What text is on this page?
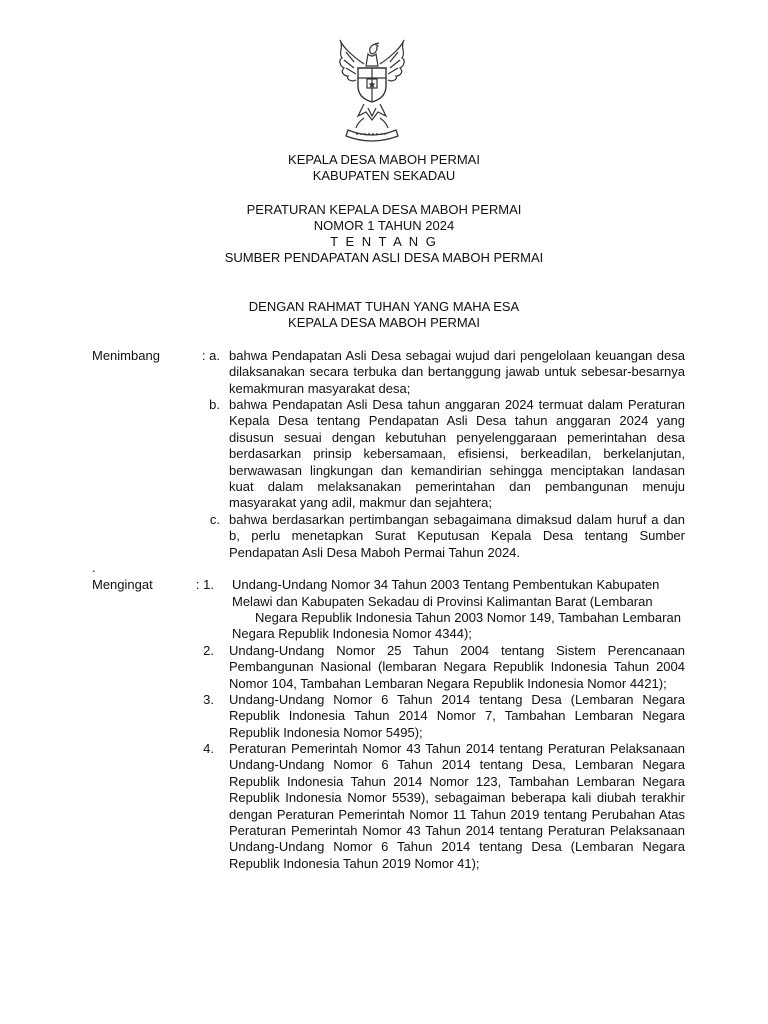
KEPALA DESA MABOH PERMAI
KABUPATEN SEKADAU
PERATURAN KEPALA DESA MABOH PERMAI
NOMOR 1 TAHUN 2024
T E N T A N G
SUMBER PENDAPATAN ASLI DESA MABOH PERMAI
DENGAN RAHMAT TUHAN YANG MAHA ESA
KEPALA DESA MABOH PERMAI
Menimbang	: a. bahwa Pendapatan Asli Desa sebagai wujud dari pengelolaan keuangan desa dilaksanakan secara terbuka dan bertanggung jawab untuk sebesar-besarnya kemakmuran masyarakat desa;
b. bahwa Pendapatan Asli Desa tahun anggaran 2024 termuat dalam Peraturan Kepala Desa tentang Pendapatan Asli Desa tahun anggaran 2024 yang disusun sesuai dengan kebutuhan penyelenggaraan pemerintahan desa berdasarkan prinsip kebersamaan, efisiensi, berkeadilan, berkelanjutan, berwawasan lingkungan dan kemandirian sehingga menciptakan landasan kuat dalam melaksanakan pemerintahan dan pembangunan menuju masyarakat yang adil, makmur dan sejahtera;
c. bahwa berdasarkan pertimbangan sebagaimana dimaksud dalam huruf a dan b, perlu menetapkan Surat Keputusan Kepala Desa tentang Sumber Pendapatan Asli Desa Maboh Permai Tahun 2024.
.
Mengingat	: 1. Undang-Undang Nomor 34 Tahun 2003 Tentang Pembentukan Kabupaten
Melawi dan Kabupaten Sekadau di Provinsi Kalimantan Barat (Lembaran
Negara Republik Indonesia Tahun 2003 Nomor 149, Tambahan Lembaran
Negara Republik Indonesia Nomor 4344);
2. Undang-Undang Nomor 25 Tahun 2004 tentang Sistem Perencanaan Pembangunan Nasional (lembaran Negara Republik Indonesia Tahun 2004 Nomor 104, Tambahan Lembaran Negara Republik Indonesia Nomor 4421);
3. Undang-Undang Nomor 6 Tahun 2014 tentang Desa (Lembaran Negara Republik Indonesia Tahun 2014 Nomor 7, Tambahan Lembaran Negara Republik Indonesia Nomor 5495);
4. Peraturan Pemerintah Nomor 43 Tahun 2014 tentang Peraturan Pelaksanaan Undang-Undang Nomor 6 Tahun 2014 tentang Desa, Lembaran Negara Republik Indonesia Tahun 2014 Nomor 123, Tambahan Lembaran Negara Republik Indonesia Nomor 5539), sebagaiman beberapa kali diubah terakhir dengan Peraturan Pemerintah Nomor 11 Tahun 2019 tentang Perubahan Atas Peraturan Pemerintah Nomor 43 Tahun 2014 tentang Peraturan Pelaksanaan Undang-Undang Nomor 6 Tahun 2014 tentang Desa (Lembaran Negara Republik Indonesia Tahun 2019 Nomor 41);
